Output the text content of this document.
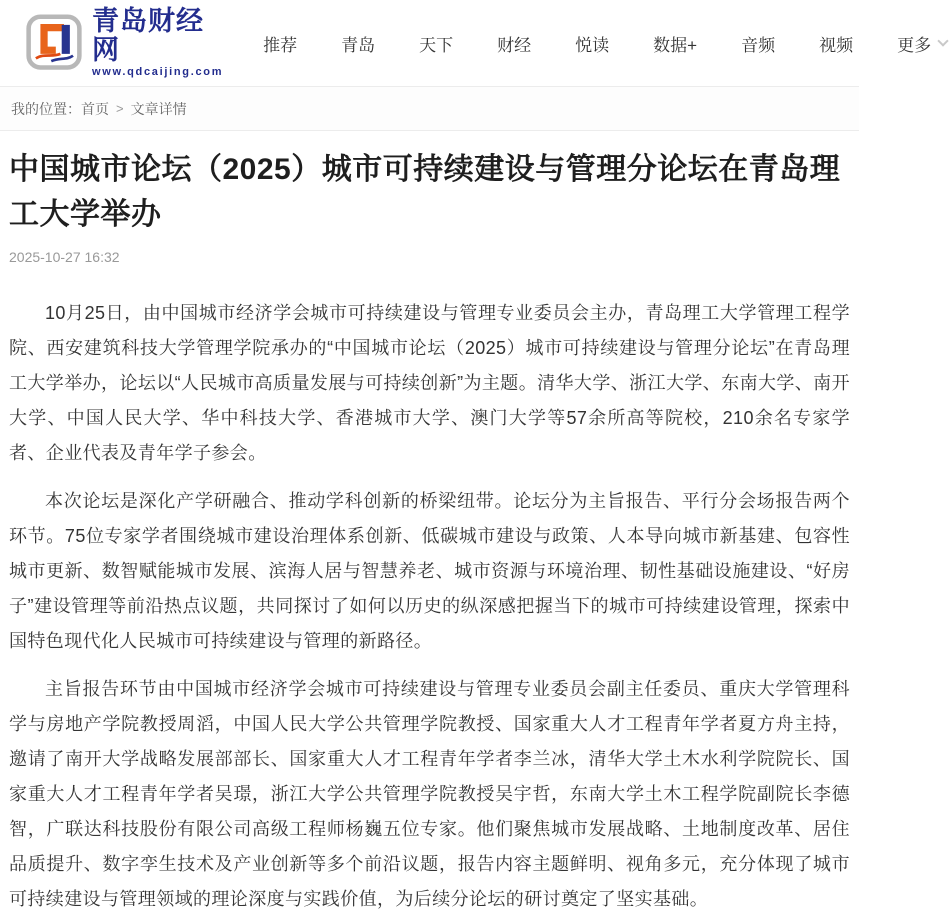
青岛财经网
www.qdcaijing.com
推荐	青岛	天下	财经	悦读	数据+	音频	视频	更多
我的位置： 首页 > 文章详情
中国城市论坛（2025）城市可持续建设与管理分论坛在青岛理工大学举办
2025-10-27 16:32

10月25日，由中国城市经济学会城市可持续建设与管理专业委员会主办，青岛理工大学管理工程学院、西安建筑科技大学管理学院承办的“中国城市论坛（2025）城市可持续建设与管理分论坛”在青岛理工大学举办，论坛以“人民城市高质量发展与可持续创新”为主题。清华大学、浙江大学、东南大学、南开大学、中国人民大学、华中科技大学、香港城市大学、澳门大学等57余所高等院校，210余名专家学者、企业代表及青年学子参会。

本次论坛是深化产学研融合、推动学科创新的桥梁纽带。论坛分为主旨报告、平行分会场报告两个环节。75位专家学者围绕城市建设治理体系创新、低碳城市建设与政策、人本导向城市新基建、包容性城市更新、数智赋能城市发展、滨海人居与智慧养老、城市资源与环境治理、韧性基础设施建设、“好房子”建设管理等前沿热点议题，共同探讨了如何以历史的纵深感把握当下的城市可持续建设管理，探索中国特色现代化人民城市可持续建设与管理的新路径。

主旨报告环节由中国城市经济学会城市可持续建设与管理专业委员会副主任委员、重庆大学管理科学与房地产学院教授周滔，中国人民大学公共管理学院教授、国家重大人才工程青年学者夏方舟主持，邀请了南开大学战略发展部部长、国家重大人才工程青年学者李兰冰，清华大学土木水利学院院长、国家重大人才工程青年学者吴璟，浙江大学公共管理学院教授吴宇哲，东南大学土木工程学院副院长李德智，广联达科技股份有限公司高级工程师杨巍五位专家。他们聚焦城市发展战略、土地制度改革、居住品质提升、数字孪生技术及产业创新等多个前沿议题，报告内容主题鲜明、视角多元，充分体现了城市可持续建设与管理领域的理论深度与实践价值，为后续分论坛的研讨奠定了坚实基础。
